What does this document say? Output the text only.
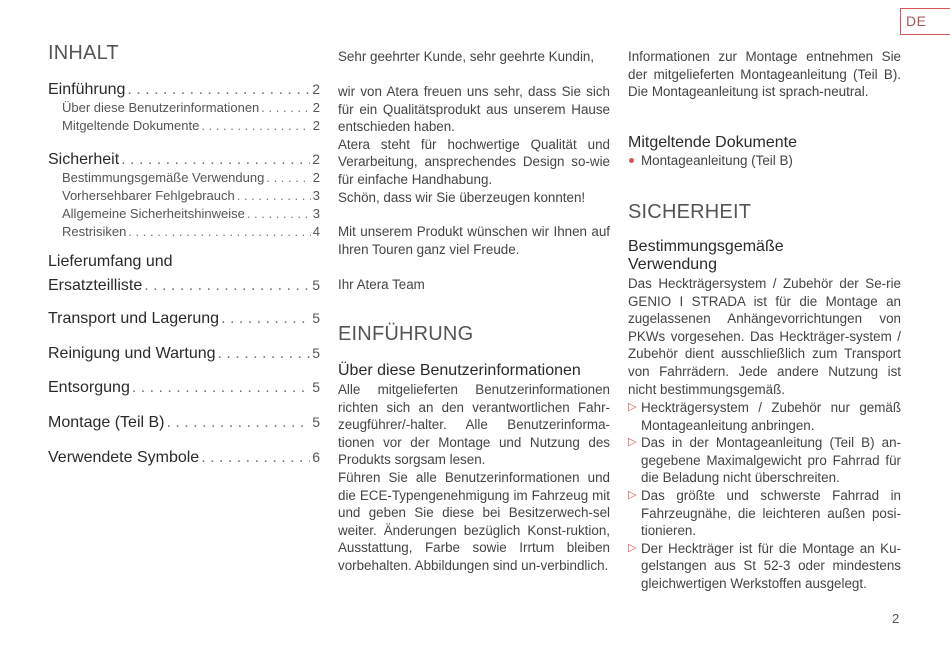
DE
INHALT
Einführung . . .	2
Über diese Benutzerinformationen . . .	2
Mitgeltende Dokumente . . .	2
Sicherheit . . .	2
Bestimmungsgemäße Verwendung . . .	2
Vorhersehbarer Fehlgebrauch . . .	3
Allgemeine Sicherheitshinweise . . .	3
Restrisiken . . .	4
Lieferumfang und
Ersatzteilliste . . .	5
Transport und Lagerung . . .	5
Reinigung und Wartung . . .	5
Entsorgung . . .	5
Montage (Teil B) . . .	5
Verwendete Symbole . . .	6
Sehr geehrter Kunde, sehr geehrte Kundin,
wir von Atera freuen uns sehr, dass Sie sich für ein Qualitätsprodukt aus unserem Hause entschieden haben.
Atera steht für hochwertige Qualität und Verarbeitung, ansprechendes Design so-wie für einfache Handhabung.
Schön, dass wir Sie überzeugen konnten!
Mit unserem Produkt wünschen wir Ihnen auf Ihren Touren ganz viel Freude.
Ihr Atera Team
EINFÜHRUNG
Über diese Benutzerinformationen
Alle mitgelieferten Benutzerinformationen richten sich an den verantwortlichen Fahr-zeugführer/-halter. Alle Benutzerinforma-tionen vor der Montage und Nutzung des Produkts sorgsam lesen.
Führen Sie alle Benutzerinformationen und die ECE-Typengenehmigung im Fahrzeug mit und geben Sie diese bei Besitzerwech-sel weiter. Änderungen bezüglich Konst-ruktion, Ausstattung, Farbe sowie Irrtum bleiben vorbehalten. Abbildungen sind un-verbindlich.
Informationen zur Montage entnehmen Sie der mitgelieferten Montageanleitung (Teil B). Die Montageanleitung ist sprach-neutral.
Mitgeltende Dokumente
Montageanleitung (Teil B)
SICHERHEIT
Bestimmungsgemäße
Verwendung
Das Heckträgersystem / Zubehör der Se-rie GENIO I STRADA ist für die Montage an zugelassenen Anhängevorrichtungen von PKWs vorgesehen. Das Heckträger-system / Zubehör dient ausschließlich zum Transport von Fahrrädern. Jede andere Nutzung ist nicht bestimmungsgemäß.
▷ Heckträgersystem / Zubehör nur gemäß Montageanleitung anbringen.
▷ Das in der Montageanleitung (Teil B) an-gegebene Maximalgewicht pro Fahrrad für die Beladung nicht überschreiten.
▷ Das größte und schwerste Fahrrad in Fahrzeugnähe, die leichteren außen posi-tionieren.
▷ Der Heckträger ist für die Montage an Ku-gelstangen aus St 52-3 oder mindestens gleichwertigen Werkstoffen ausgelegt.
2
